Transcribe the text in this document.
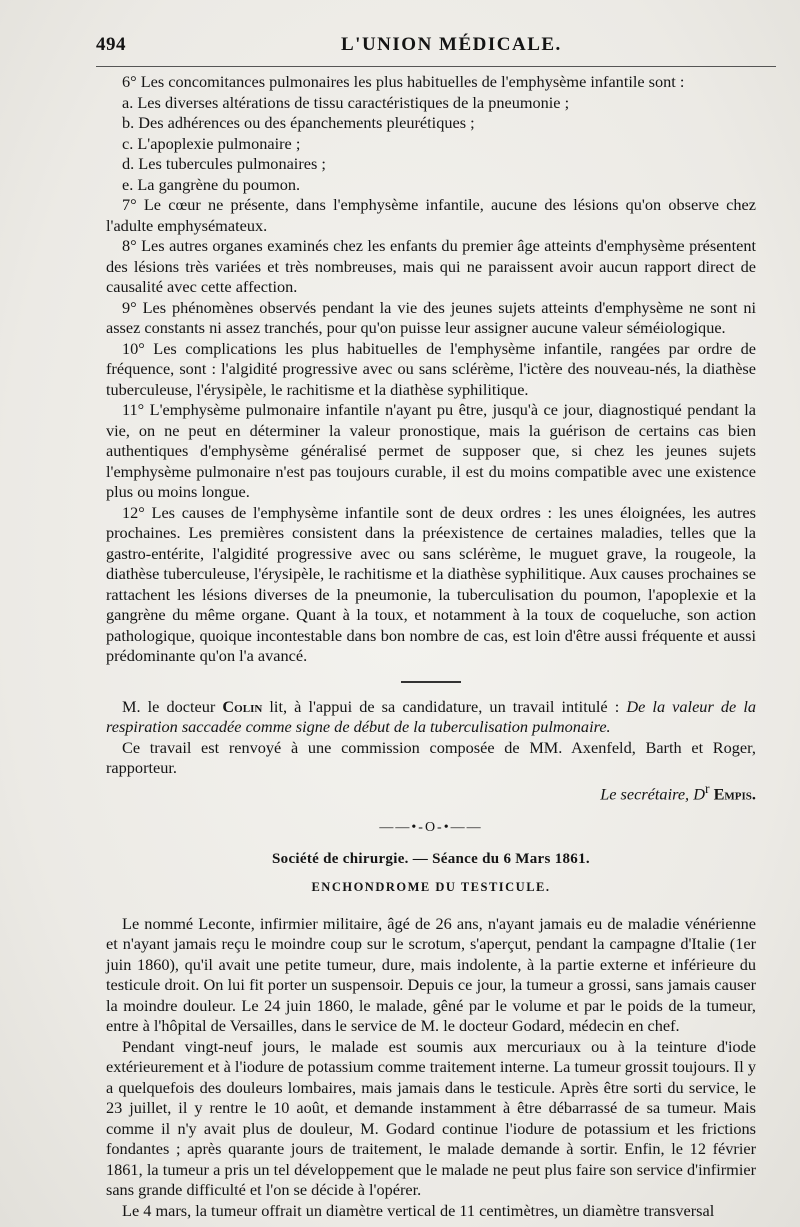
494	L'UNION MÉDICALE.

6° Les concomitances pulmonaires les plus habituelles de l'emphysème infantile sont :

a. Les diverses altérations de tissu caractéristiques de la pneumonie ;

b. Des adhérences ou des épanchements pleurétiques ;

c. L'apoplexie pulmonaire ;

d. Les tubercules pulmonaires ;

e. La gangrène du poumon.

7° Le cœur ne présente, dans l'emphysème infantile, aucune des lésions qu'on observe chez l'adulte emphysémateux.

8° Les autres organes examinés chez les enfants du premier âge atteints d'emphysème présentent des lésions très variées et très nombreuses, mais qui ne paraissent avoir aucun rapport direct de causalité avec cette affection.

9° Les phénomènes observés pendant la vie des jeunes sujets atteints d'emphysème ne sont ni assez constants ni assez tranchés, pour qu'on puisse leur assigner aucune valeur séméiologique.

10° Les complications les plus habituelles de l'emphysème infantile, rangées par ordre de fréquence, sont : l'algidité progressive avec ou sans sclérème, l'ictère des nouveau-nés, la diathèse tuberculeuse, l'érysipèle, le rachitisme et la diathèse syphilitique.

11° L'emphysème pulmonaire infantile n'ayant pu être, jusqu'à ce jour, diagnostiqué pendant la vie, on ne peut en déterminer la valeur pronostique, mais la guérison de certains cas bien authentiques d'emphysème généralisé permet de supposer que, si chez les jeunes sujets l'emphysème pulmonaire n'est pas toujours curable, il est du moins compatible avec une existence plus ou moins longue.

12° Les causes de l'emphysème infantile sont de deux ordres : les unes éloignées, les autres prochaines. Les premières consistent dans la préexistence de certaines maladies, telles que la gastro-entérite, l'algidité progressive avec ou sans sclérème, le muguet grave, la rougeole, la diathèse tuberculeuse, l'érysipèle, le rachitisme et la diathèse syphilitique. Aux causes prochaines se rattachent les lésions diverses de la pneumonie, la tuberculisation du poumon, l'apoplexie et la gangrène du même organe. Quant à la toux, et notamment à la toux de coqueluche, son action pathologique, quoique incontestable dans bon nombre de cas, est loin d'être aussi fréquente et aussi prédominante qu'on l'a avancé.

M. le docteur Colin lit, à l'appui de sa candidature, un travail intitulé : De la valeur de la respiration saccadée comme signe de début de la tuberculisation pulmonaire.

Ce travail est renvoyé à une commission composée de MM. Axenfeld, Barth et Roger, rapporteur.

Le secrétaire, $D^r$ Empis.

——•-O-•——
Société de chirurgie. — Séance du 6 Mars 1861.
ENCHONDROME DU TESTICULE.

Le nommé Leconte, infirmier militaire, âgé de 26 ans, n'ayant jamais eu de maladie vénérienne et n'ayant jamais reçu le moindre coup sur le scrotum, s'aperçut, pendant la campagne d'Italie (1er juin 1860), qu'il avait une petite tumeur, dure, mais indolente, à la partie externe et inférieure du testicule droit. On lui fit porter un suspensoir. Depuis ce jour, la tumeur a grossi, sans jamais causer la moindre douleur. Le 24 juin 1860, le malade, gêné par le volume et par le poids de la tumeur, entre à l'hôpital de Versailles, dans le service de M. le docteur Godard, médecin en chef.

Pendant vingt-neuf jours, le malade est soumis aux mercuriaux ou à la teinture d'iode extérieurement et à l'iodure de potassium comme traitement interne. La tumeur grossit toujours. Il y a quelquefois des douleurs lombaires, mais jamais dans le testicule. Après être sorti du service, le 23 juillet, il y rentre le 10 août, et demande instamment à être débarrassé de sa tumeur. Mais comme il n'y avait plus de douleur, M. Godard continue l'iodure de potassium et les frictions fondantes ; après quarante jours de traitement, le malade demande à sortir. Enfin, le 12 février 1861, la tumeur a pris un tel développement que le malade ne peut plus faire son service d'infirmier sans grande difficulté et l'on se décide à l'opérer.

Le 4 mars, la tumeur offrait un diamètre vertical de 11 centimètres, un diamètre transversal
